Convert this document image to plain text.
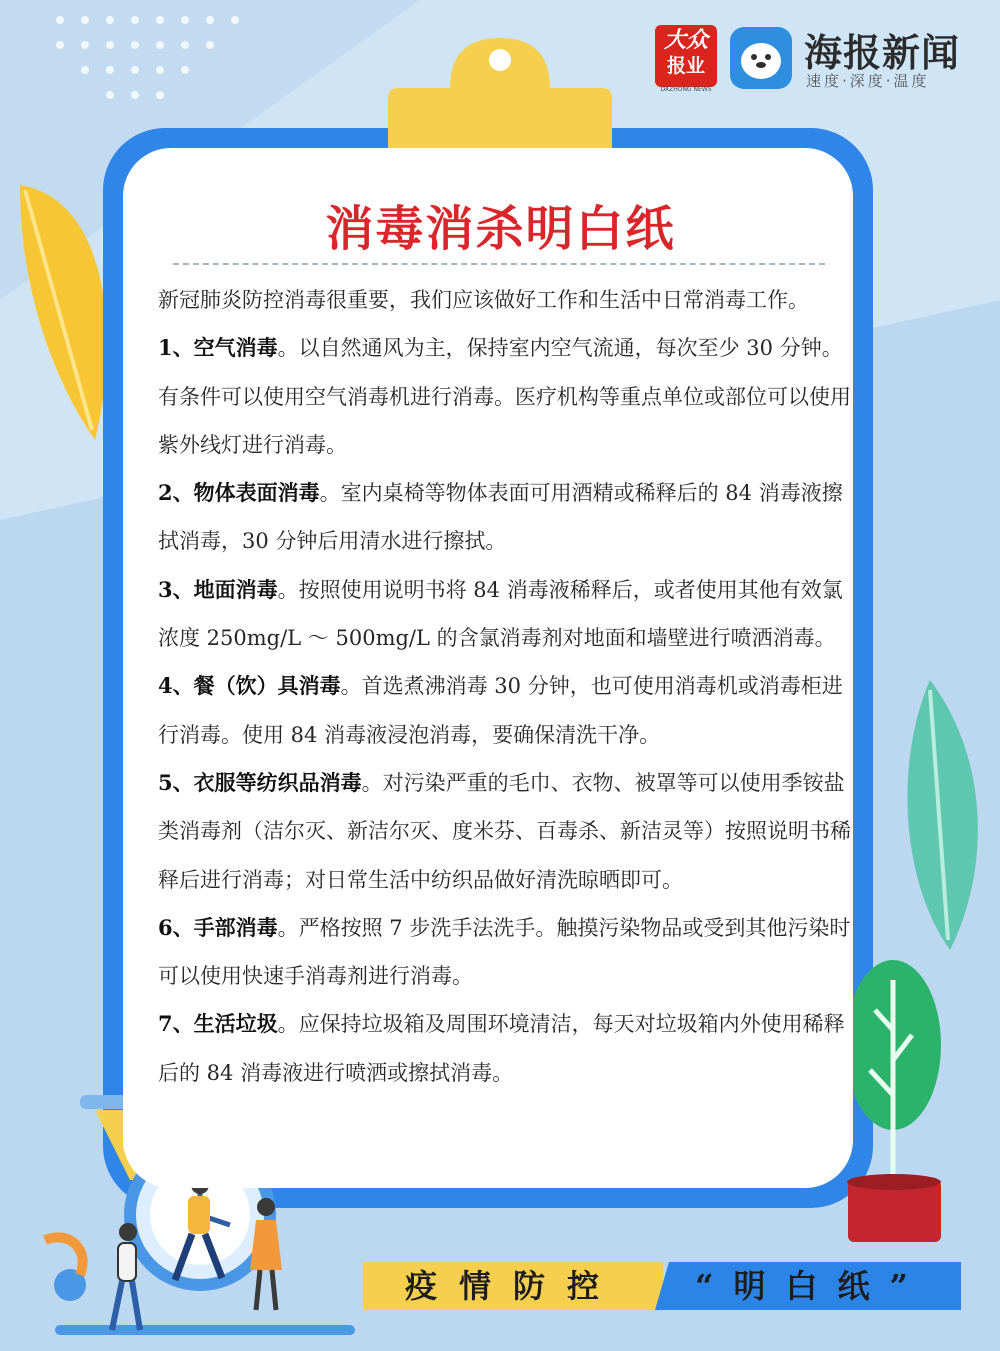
大众
报业
DAZHONG NEWS
海报新闻
速度·深度·温度
消毒消杀明白纸

新冠肺炎防控消毒很重要，我们应该做好工作和生活中日常消毒工作。

1、空气消毒。以自然通风为主，保持室内空气流通，每次至少 30 分钟。有条件可以使用空气消毒机进行消毒。医疗机构等重点单位或部位可以使用紫外线灯进行消毒。

2、物体表面消毒。室内桌椅等物体表面可用酒精或稀释后的 84 消毒液擦拭消毒，30 分钟后用清水进行擦拭。

3、地面消毒。按照使用说明书将 84 消毒液稀释后，或者使用其他有效氯浓度 250mg/L ～ 500mg/L 的含氯消毒剂对地面和墙壁进行喷洒消毒。

4、餐（饮）具消毒。首选煮沸消毒 30 分钟，也可使用消毒机或消毒柜进行消毒。使用 84 消毒液浸泡消毒，要确保清洗干净。

5、衣服等纺织品消毒。对污染严重的毛巾、衣物、被罩等可以使用季铵盐类消毒剂（洁尔灭、新洁尔灭、度米芬、百毒杀、新洁灵等）按照说明书稀释后进行消毒；对日常生活中纺织品做好清洗晾晒即可。

6、手部消毒。严格按照 7 步洗手法洗手。触摸污染物品或受到其他污染时可以使用快速手消毒剂进行消毒。

7、生活垃圾。应保持垃圾箱及周围环境清洁，每天对垃圾箱内外使用稀释后的 84 消毒液进行喷洒或擦拭消毒。

疫情防控	“明白纸”
